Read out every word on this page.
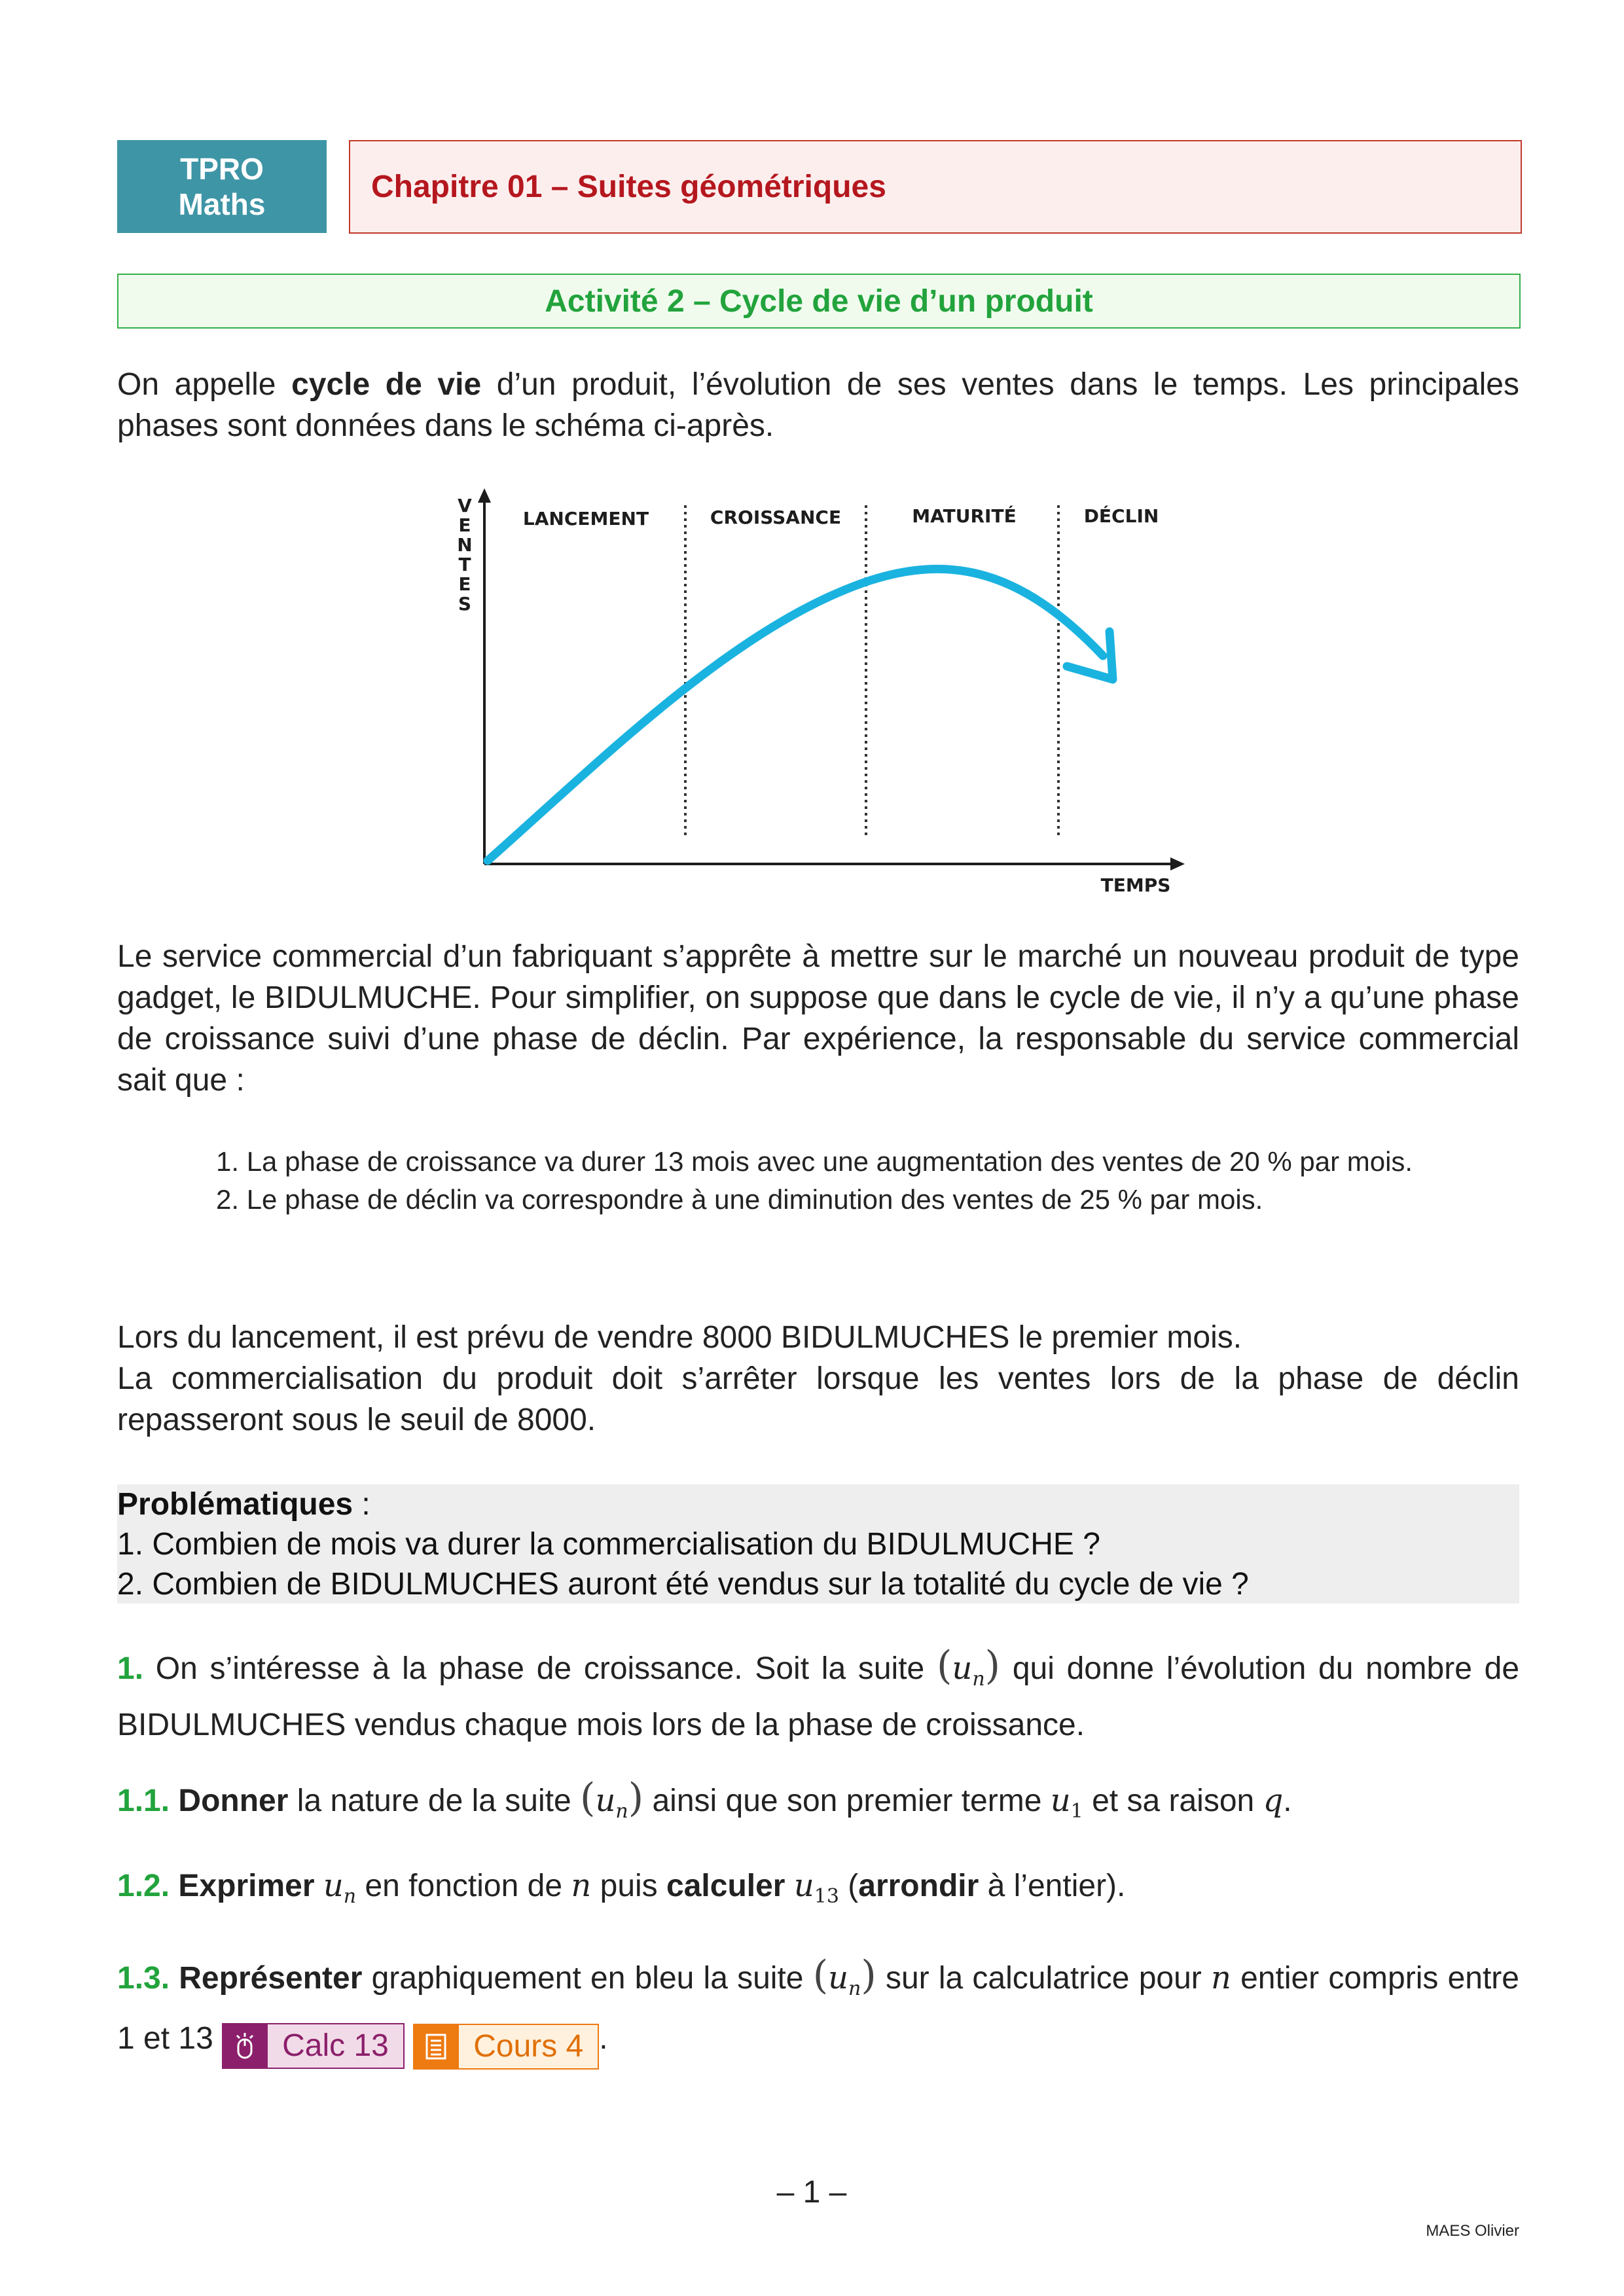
TPRO
Maths	Chapitre 01 – Suites géométriques
Activité 2 – Cycle de vie d’un produit
On appelle cycle de vie d’un produit, l’évolution de ses ventes dans le temps. Les principales phases sont données dans le schéma ci-après.
V
E
N
T
E
S
LANCEMENT	CROISSANCE	MATURITÉ	DÉCLIN
TEMPS
Le service commercial d’un fabriquant s’apprête à mettre sur le marché un nouveau produit de type gadget, le BIDULMUCHE. Pour simplifier, on suppose que dans le cycle de vie, il n’y a qu’une phase de croissance suivi d’une phase de déclin. Par expérience, la responsable du service commercial sait que :
1. La phase de croissance va durer 13 mois avec une augmentation des ventes de 20 % par mois.
2. Le phase de déclin va correspondre à une diminution des ventes de 25 % par mois.
Lors du lancement, il est prévu de vendre 8000 BIDULMUCHES le premier mois.
La commercialisation du produit doit s’arrêter lorsque les ventes lors de la phase de déclin repasseront sous le seuil de 8000.
Problématiques :
1. Combien de mois va durer la commercialisation du BIDULMUCHE ?
2. Combien de BIDULMUCHES auront été vendus sur la totalité du cycle de vie ?
1. On s’intéresse à la phase de croissance. Soit la suite $(u_n)$ qui donne l’évolution du nombre de BIDULMUCHES vendus chaque mois lors de la phase de croissance.
1.1. Donner la nature de la suite $(u_n)$ ainsi que son premier terme $u_1$ et sa raison q.
1.2. Exprimer $u_n$ en fonction de n puis calculer $u_{13}$ (arrondir à l’entier).
1.3. Représenter graphiquement en bleu la suite $(u_n)$ sur la calculatrice pour n entier compris entre 1 et 13	Calc 13
	Cours 4 .
– 1 –
MAES Olivier
